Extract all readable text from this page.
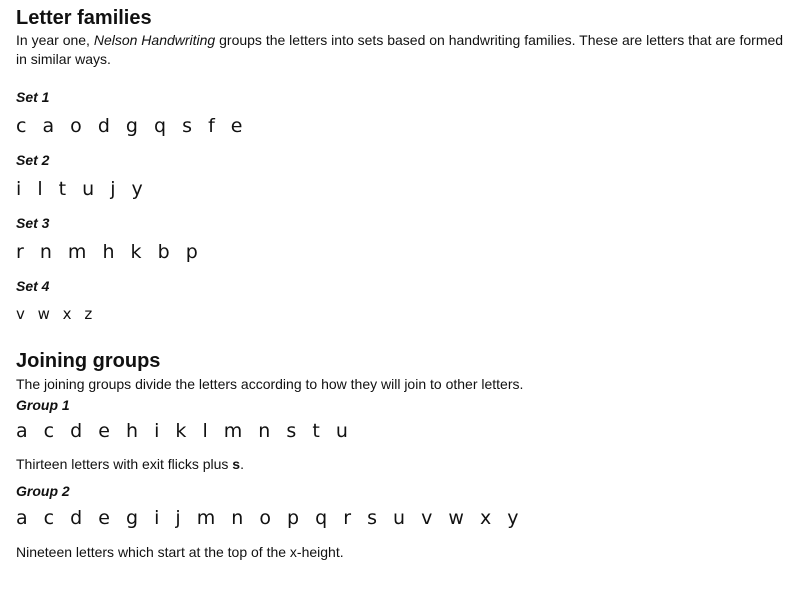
Letter families

In year one, Nelson Handwriting groups the letters into sets based on handwriting families. These are letters that are formed in similar ways.

Set 1

c a o d g q s f e

Set 2

i l t u j y

Set 3

r n m h k b p

Set 4

v w x z

Joining groups

The joining groups divide the letters according to how they will join to other letters.

Group 1

a c d e h i k l m n s t u

Thirteen letters with exit flicks plus s.

Group 2

a c d e g i j m n o p q r s u v w x y

Nineteen letters which start at the top of the x-height.
